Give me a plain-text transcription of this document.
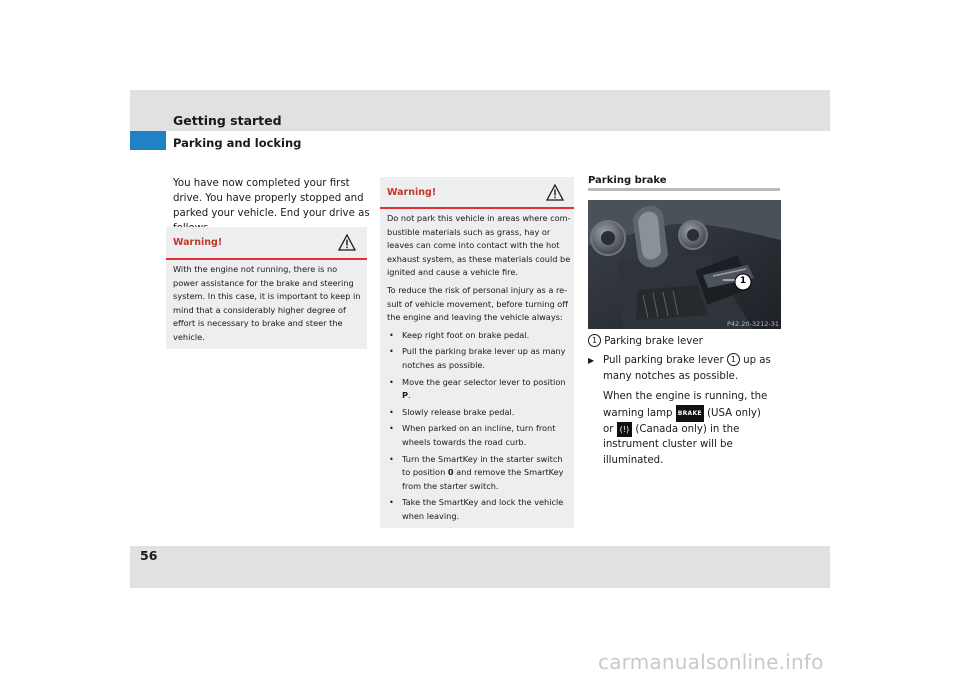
Getting started
Parking and locking
You have now completed your first drive. You have properly stopped and parked your vehicle. End your drive as
Warning!
With the engine not running, there is no power assistance for the brake and steering system. In this case, it is important to keep in mind that a considerably higher degree of effort is necessary to brake and steer the vehicle.
Warning!

Do not park this vehicle in areas where com-bustible materials such as grass, hay or leaves can come into contact with the hot exhaust system, as these materials could be ignited and cause a vehicle fire.

To reduce the risk of personal injury as a re-sult of vehicle movement, before turning off the engine and leaving the vehicle always:

• Keep right foot on brake pedal.
• Pull the parking brake lever up as many notches as possible.
• Move the gear selector lever to position P.
• Slowly release brake pedal.
• When parked on an incline, turn front wheels towards the road curb.
• Turn the SmartKey in the starter switch to position 0 and remove the SmartKey from the starter switch.
• Take the SmartKey and lock the vehicle when leaving.
Parking brake
1
P42.20-3212-31
1 Parking brake lever
▶ Pull parking brake lever 1 up as many notches as possible.
When the engine is running, the warning lamp BRAKE (USA only)
or (!) (Canada only) in the instrument cluster will be illuminated.
56
carmanualsonline.info
